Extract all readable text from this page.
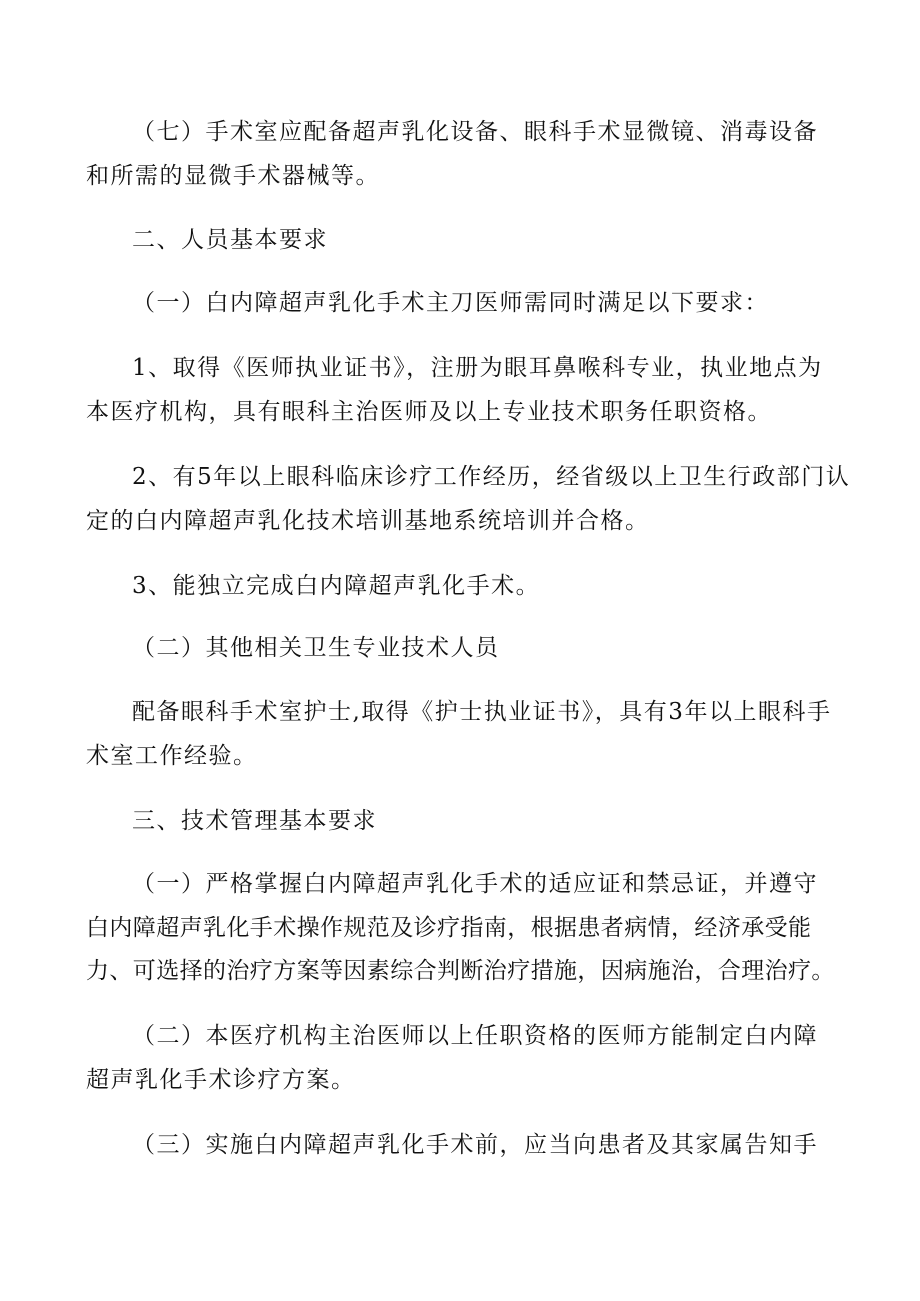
（七）手术室应配备超声乳化设备、眼科手术显微镜、消毒设备

和所需的显微手术器械等。

二、人员基本要求

（一）白内障超声乳化手术主刀医师需同时满足以下要求：

1、取得《医师执业证书》，注册为眼耳鼻喉科专业，执业地点为

本医疗机构，具有眼科主治医师及以上专业技术职务任职资格。

2、有5年以上眼科临床诊疗工作经历，经省级以上卫生行政部门认

定的白内障超声乳化技术培训基地系统培训并合格。

3、能独立完成白内障超声乳化手术。

（二）其他相关卫生专业技术人员

配备眼科手术室护士,取得《护士执业证书》，具有3年以上眼科手

术室工作经验。

三、技术管理基本要求

（一）严格掌握白内障超声乳化手术的适应证和禁忌证，并遵守

白内障超声乳化手术操作规范及诊疗指南，根据患者病情，经济承受能

力、可选择的治疗方案等因素综合判断治疗措施，因病施治，合理治疗。

（二）本医疗机构主治医师以上任职资格的医师方能制定白内障

超声乳化手术诊疗方案。

（三）实施白内障超声乳化手术前，应当向患者及其家属告知手
